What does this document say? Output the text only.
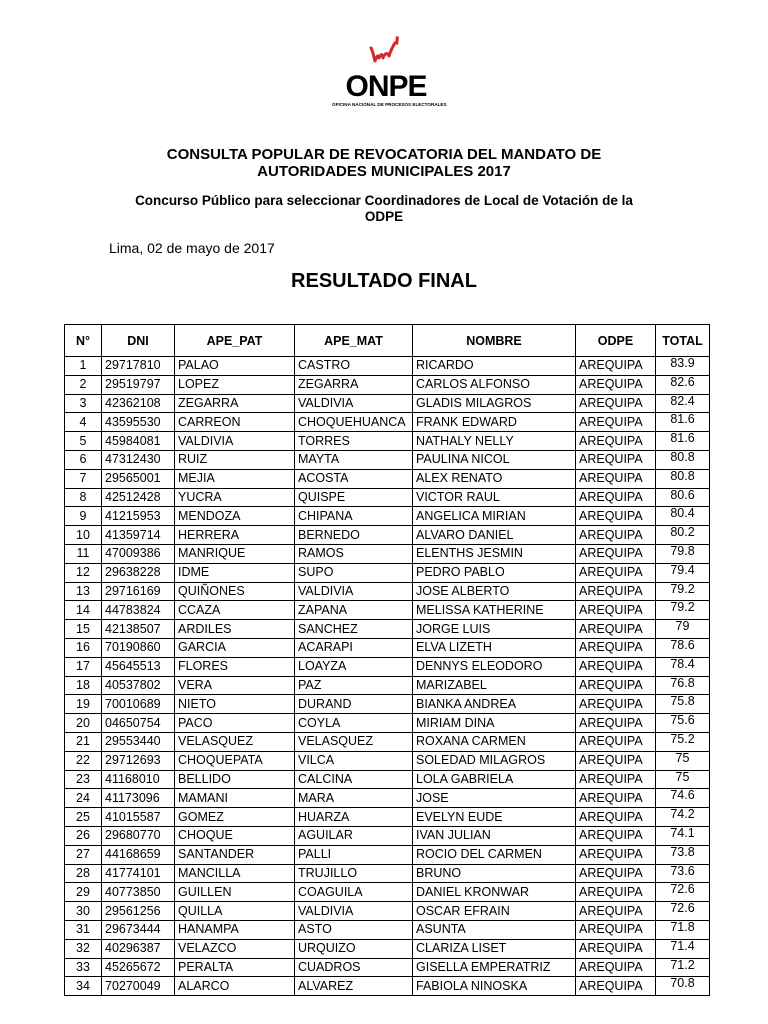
ONPE
OFICINA NACIONAL DE PROCESOS ELECTORALES
CONSULTA POPULAR DE REVOCATORIA DEL MANDATO DE
AUTORIDADES MUNICIPALES 2017
Concurso Público para seleccionar Coordinadores de Local de Votación de la
ODPE
Lima, 02 de mayo de 2017
RESULTADO FINAL
N°	DNI	APE_PAT	APE_MAT	NOMBRE	ODPE	TOTAL
1	29717810	PALAO	CASTRO	RICARDO	AREQUIPA	83.9
2	29519797	LOPEZ	ZEGARRA	CARLOS ALFONSO	AREQUIPA	82.6
3	42362108	ZEGARRA	VALDIVIA	GLADIS MILAGROS	AREQUIPA	82.4
4	43595530	CARREON	CHOQUEHUANCA	FRANK EDWARD	AREQUIPA	81.6
5	45984081	VALDIVIA	TORRES	NATHALY NELLY	AREQUIPA	81.6
6	47312430	RUIZ	MAYTA	PAULINA NICOL	AREQUIPA	80.8
7	29565001	MEJIA	ACOSTA	ALEX RENATO	AREQUIPA	80.8
8	42512428	YUCRA	QUISPE	VICTOR RAUL	AREQUIPA	80.6
9	41215953	MENDOZA	CHIPANA	ANGELICA MIRIAN	AREQUIPA	80.4
10	41359714	HERRERA	BERNEDO	ALVARO DANIEL	AREQUIPA	80.2
11	47009386	MANRIQUE	RAMOS	ELENTHS JESMIN	AREQUIPA	79.8
12	29638228	IDME	SUPO	PEDRO PABLO	AREQUIPA	79.4
13	29716169	QUIÑONES	VALDIVIA	JOSE ALBERTO	AREQUIPA	79.2
14	44783824	CCAZA	ZAPANA	MELISSA KATHERINE	AREQUIPA	79.2
15	42138507	ARDILES	SANCHEZ	JORGE LUIS	AREQUIPA	79
16	70190860	GARCIA	ACARAPI	ELVA LIZETH	AREQUIPA	78.6
17	45645513	FLORES	LOAYZA	DENNYS ELEODORO	AREQUIPA	78.4
18	40537802	VERA	PAZ	MARIZABEL	AREQUIPA	76.8
19	70010689	NIETO	DURAND	BIANKA ANDREA	AREQUIPA	75.8
20	04650754	PACO	COYLA	MIRIAM DINA	AREQUIPA	75.6
21	29553440	VELASQUEZ	VELASQUEZ	ROXANA CARMEN	AREQUIPA	75.2
22	29712693	CHOQUEPATA	VILCA	SOLEDAD MILAGROS	AREQUIPA	75
23	41168010	BELLIDO	CALCINA	LOLA GABRIELA	AREQUIPA	75
24	41173096	MAMANI	MARA	JOSE	AREQUIPA	74.6
25	41015587	GOMEZ	HUARZA	EVELYN EUDE	AREQUIPA	74.2
26	29680770	CHOQUE	AGUILAR	IVAN JULIAN	AREQUIPA	74.1
27	44168659	SANTANDER	PALLI	ROCIO DEL CARMEN	AREQUIPA	73.8
28	41774101	MANCILLA	TRUJILLO	BRUNO	AREQUIPA	73.6
29	40773850	GUILLEN	COAGUILA	DANIEL KRONWAR	AREQUIPA	72.6
30	29561256	QUILLA	VALDIVIA	OSCAR EFRAIN	AREQUIPA	72.6
31	29673444	HANAMPA	ASTO	ASUNTA	AREQUIPA	71.8
32	40296387	VELAZCO	URQUIZO	CLARIZA LISET	AREQUIPA	71.4
33	45265672	PERALTA	CUADROS	GISELLA EMPERATRIZ	AREQUIPA	71.2
34	70270049	ALARCO	ALVAREZ	FABIOLA NINOSKA	AREQUIPA	70.8
